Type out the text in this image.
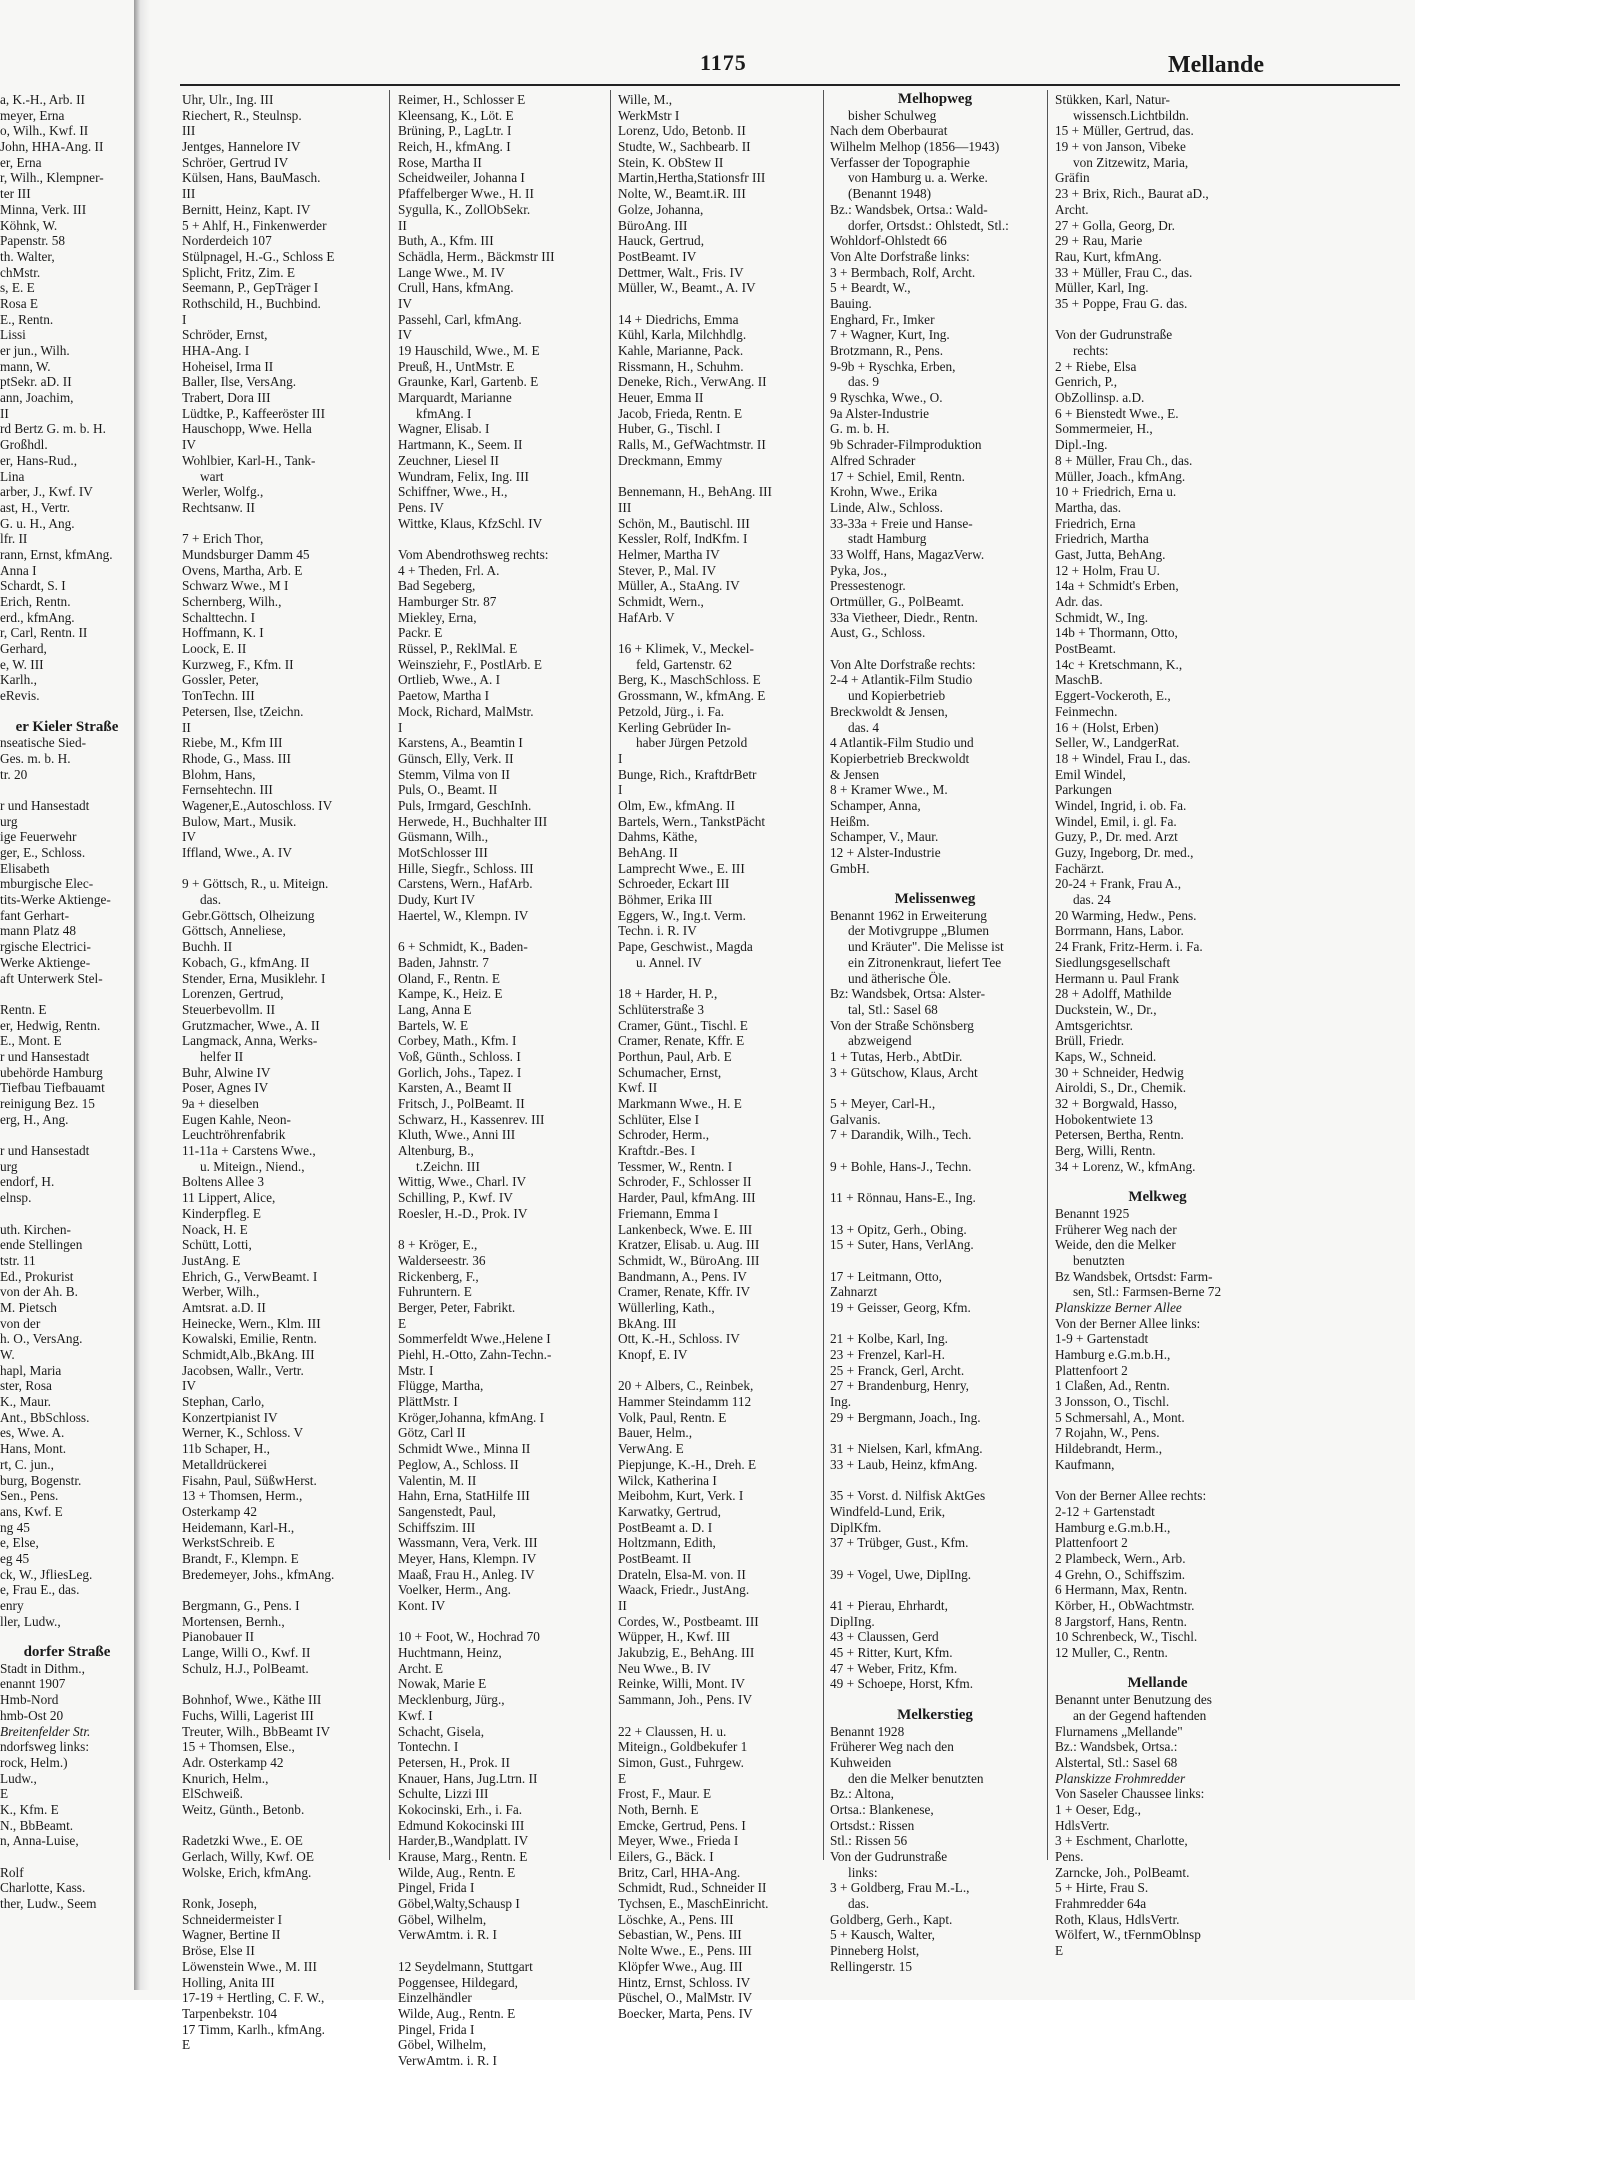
1175	Mellande
a, K.-H., Arb. II
meyer, Erna
o, Wilh., Kwf. II
John, HHA-Ang. II
er, Erna
r, Wilh., Klempner-
ter III
Minna, Verk. III
Köhnk, W.
Papenstr. 58
th. Walter,
chMstr.
s, E. E
Rosa E
E., Rentn.
Lissi
er jun., Wilh.
mann, W.
ptSekr. aD. II
ann, Joachim,
II
rd Bertz G. m. b. H.
Großhdl.
er, Hans-Rud.,
Lina
arber, J., Kwf. IV
ast, H., Vertr.
G. u. H., Ang.
lfr. II
rann, Ernst, kfmAng.
Anna I
Schardt, S. I
Erich, Rentn.
erd., kfmAng.
r, Carl, Rentn. II
Gerhard,
e, W. III
Karlh.,
eRevis.
er Kieler Straße
nseatische Sied-
Ges. m. b. H.
tr. 20
r und Hansestadt
urg
ige Feuerwehr
ger, E., Schloss.
Elisabeth
mburgische Elec-
tits-Werke Aktienge-
fant Gerhart-
mann Platz 48
rgische Electrici-
Werke Aktienge-
aft Unterwerk Stel-
Rentn. E
er, Hedwig, Rentn.
E., Mont. E
r und Hansestadt
ubehörde Hamburg
Tiefbau Tiefbauamt
reinigung Bez. 15
erg, H., Ang.
r und Hansestadt
urg
endorf, H.
elnsp.
uth. Kirchen-
ende Stellingen
tstr. 11
Ed., Prokurist
von der Ah. B.
M. Pietsch
von der
h. O., VersAng.
W.
hapl, Maria
ster, Rosa
K., Maur.
Ant., BbSchloss.
es, Wwe. A.
Hans, Mont.
rt, C. jun.,
burg, Bogenstr.
Sen., Pens.
ans, Kwf. E
ng 45
e, Else,
eg 45
ck, W., JfliesLeg.
e, Frau E., das.
enry
ller, Ludw.,
dorfer Straße
Stadt in Dithm.,
enannt 1907
Hmb-Nord
hmb-Ost 20
Breitenfelder Str.
ndorfsweg links:
rock, Helm.)
Ludw.,
E
K., Kfm. E
N., BbBeamt.
n, Anna-Luise,
Rolf
Charlotte, Kass.
ther, Ludw., Seem
Uhr, Ulr., Ing. III
Riechert, R., Steulnsp.
III
Jentges, Hannelore IV
Schröer, Gertrud IV
Külsen, Hans, BauMasch.
III
Bernitt, Heinz, Kapt. IV
5 + Ahlf, H., Finkenwerder
Norderdeich 107
Stülpnagel, H.-G., Schloss E
Splicht, Fritz, Zim. E
Seemann, P., GepTräger I
Rothschild, H., Buchbind.
I
Schröder, Ernst,
HHA-Ang. I
Hoheisel, Irma II
Baller, Ilse, VersAng.
Trabert, Dora III
Lüdtke, P., Kaffeeröster III
Hauschopp, Wwe. Hella
IV
Wohlbier, Karl-H., Tank-
wart
Werler, Wolfg.,
Rechtsanw. II
7 + Erich Thor,
Mundsburger Damm 45
Ovens, Martha, Arb. E
Schwarz Wwe., M I
Schernberg, Wilh.,
Schalttechn. I
Hoffmann, K. I
Loock, E. II
Kurzweg, F., Kfm. II
Gossler, Peter,
TonTechn. III
Petersen, Ilse, tZeichn.
II
Riebe, M., Kfm III
Rhode, G., Mass. III
Blohm, Hans,
Fernsehtechn. III
Wagener,E.,Autoschloss. IV
Bulow, Mart., Musik.
IV
Iffland, Wwe., A. IV
9 + Göttsch, R., u. Miteign.
das.
Gebr.Göttsch, Olheizung
Göttsch, Anneliese,
Buchh. II
Kobach, G., kfmAng. II
Stender, Erna, Musiklehr. I
Lorenzen, Gertrud,
Steuerbevollm. II
Grutzmacher, Wwe., A. II
Langmack, Anna, Werks-
helfer II
Buhr, Alwine IV
Poser, Agnes IV
9a + dieselben
Eugen Kahle, Neon-
Leuchtröhrenfabrik
11-11a + Carstens Wwe.,
u. Miteign., Niend.,
Boltens Allee 3
11 Lippert, Alice,
Kinderpfleg. E
Noack, H. E
Schütt, Lotti,
JustAng. E
Ehrich, G., VerwBeamt. I
Werber, Wilh.,
Amtsrat. a.D. II
Heinecke, Wern., Klm. III
Kowalski, Emilie, Rentn.
Schmidt,Alb.,BkAng. III
Jacobsen, Wallr., Vertr.
IV
Stephan, Carlo,
Konzertpianist IV
Werner, K., Schloss. V
11b Schaper, H.,
Metalldrückerei
Fisahn, Paul, SüßwHerst.
13 + Thomsen, Herm.,
Osterkamp 42
Heidemann, Karl-H.,
WerkstSchreib. E
Brandt, F., Klempn. E
Bredemeyer, Johs., kfmAng.
Bergmann, G., Pens. I
Mortensen, Bernh.,
Pianobauer II
Lange, Willi O., Kwf. II
Schulz, H.J., PolBeamt.
Bohnhof, Wwe., Käthe III
Fuchs, Willi, Lagerist III
Treuter, Wilh., BbBeamt IV
15 + Thomsen, Else.,
Adr. Osterkamp 42
Knurich, Helm.,
ElSchweiß.
Weitz, Günth., Betonb.
Radetzki Wwe., E. OE
Gerlach, Willy, Kwf. OE
Wolske, Erich, kfmAng.
Ronk, Joseph,
Schneidermeister I
Wagner, Bertine II
Bröse, Else II
Löwenstein Wwe., M. III
Holling, Anita III
17-19 + Hertling, C. F. W.,
Tarpenbekstr. 104
17 Timm, Karlh., kfmAng.
E
Reimer, H., Schlosser E
Kleensang, K., Löt. E
Brüning, P., LagLtr. I
Reich, H., kfmAng. I
Rose, Martha II
Scheidweiler, Johanna I
Pfaffelberger Wwe., H. II
Sygulla, K., ZollObSekr.
II
Buth, A., Kfm. III
Schädla, Herm., Bäckmstr III
Lange Wwe., M. IV
Crull, Hans, kfmAng.
IV
Passehl, Carl, kfmAng.
IV
19 Hauschild, Wwe., M. E
Preuß, H., UntMstr. E
Graunke, Karl, Gartenb. E
Marquardt, Marianne
kfmAng. I
Wagner, Elisab. I
Hartmann, K., Seem. II
Zeuchner, Liesel II
Wundram, Felix, Ing. III
Schiffner, Wwe., H.,
Pens. IV
Wittke, Klaus, KfzSchl. IV
Vom Abendrothsweg rechts:
4 + Theden, Frl. A.
Bad Segeberg,
Hamburger Str. 87
Miekley, Erna,
Packr. E
Rüssel, P., ReklMal. E
Weinsziehr, F., PostlArb. E
Ortlieb, Wwe., A. I
Paetow, Martha I
Mock, Richard, MalMstr.
I
Karstens, A., Beamtin I
Günsch, Elly, Verk. II
Stemm, Vilma von II
Puls, O., Beamt. II
Puls, Irmgard, GeschInh.
Herwede, H., Buchhalter III
Güsmann, Wilh.,
MotSchlosser III
Hille, Siegfr., Schloss. III
Carstens, Wern., HafArb.
Dudy, Kurt IV
Haertel, W., Klempn. IV
6 + Schmidt, K., Baden-
Baden, Jahnstr. 7
Oland, F., Rentn. E
Kampe, K., Heiz. E
Lang, Anna E
Bartels, W. E
Corbey, Math., Kfm. I
Voß, Günth., Schloss. I
Gorlich, Johs., Tapez. I
Karsten, A., Beamt II
Fritsch, J., PolBeamt. II
Schwarz, H., Kassenrev. III
Kluth, Wwe., Anni III
Altenburg, B.,
t.Zeichn. III
Wittig, Wwe., Charl. IV
Schilling, P., Kwf. IV
Roesler, H.-D., Prok. IV
8 + Kröger, E.,
Walderseestr. 36
Rickenberg, F.,
Fuhruntern. E
Berger, Peter, Fabrikt.
E
Sommerfeldt Wwe.,Helene I
Piehl, H.-Otto, Zahn-Techn.-
Mstr. I
Flügge, Martha,
PlättMstr. I
Kröger,Johanna, kfmAng. I
Götz, Carl II
Schmidt Wwe., Minna II
Peglow, A., Schloss. II
Valentin, M. II
Hahn, Erna, StatHilfe III
Sangenstedt, Paul,
Schiffszim. III
Wassmann, Vera, Verk. III
Meyer, Hans, Klempn. IV
Maaß, Frau H., Anleg. IV
Voelker, Herm., Ang.
Kont. IV
10 + Foot, W., Hochrad 70
Huchtmann, Heinz,
Archt. E
Nowak, Marie E
Mecklenburg, Jürg.,
Kwf. I
Schacht, Gisela,
Tontechn. I
Petersen, H., Prok. II
Knauer, Hans, Jug.Ltrn. II
Schulte, Lizzi III
Kokocinski, Erh., i. Fa.
Edmund Kokocinski III
Harder,B.,Wandplatt. IV
Krause, Marg., Rentn. E
Wilde, Aug., Rentn. E
Pingel, Frida I
Göbel,Walty,Schausp I
Göbel, Wilhelm,
VerwAmtm. i. R. I
12 Seydelmann, Stuttgart
Poggensee, Hildegard,
Einzelhändler
Wilde, Aug., Rentn. E
Pingel, Frida I
Göbel, Wilhelm,
VerwAmtm. i. R. I
Wille, M.,
WerkMstr I
Lorenz, Udo, Betonb. II
Studte, W., Sachbearb. II
Stein, K. ObStew II
Martin,Hertha,Stationsfr III
Nolte, W., Beamt.iR. III
Golze, Johanna,
BüroAng. III
Hauck, Gertrud,
PostBeamt. IV
Dettmer, Walt., Fris. IV
Müller, W., Beamt., A. IV
14 + Diedrichs, Emma
Kühl, Karla, Milchhdlg.
Kahle, Marianne, Pack.
Rissmann, H., Schuhm.
Deneke, Rich., VerwAng. II
Heuer, Emma II
Jacob, Frieda, Rentn. E
Huber, G., Tischl. I
Ralls, M., GefWachtmstr. II
Dreckmann, Emmy
Bennemann, H., BehAng. III
III
Schön, M., Bautischl. III
Kessler, Rolf, IndKfm. I
Helmer, Martha IV
Stever, P., Mal. IV
Müller, A., StaAng. IV
Schmidt, Wern.,
HafArb. V
16 + Klimek, V., Meckel-
feld, Gartenstr. 62
Berg, K., MaschSchloss. E
Grossmann, W., kfmAng. E
Petzold, Jürg., i. Fa.
Kerling Gebrüder In-
haber Jürgen Petzold
I
Bunge, Rich., KraftdrBetr
I
Olm, Ew., kfmAng. II
Bartels, Wern., TankstPächt
Dahms, Käthe,
BehAng. II
Lamprecht Wwe., E. III
Schroeder, Eckart III
Böhmer, Erika III
Eggers, W., Ing.t. Verm.
Techn. i. R. IV
Pape, Geschwist., Magda
u. Annel. IV
18 + Harder, H. P.,
Schlüterstraße 3
Cramer, Günt., Tischl. E
Cramer, Renate, Kffr. E
Porthun, Paul, Arb. E
Schumacher, Ernst,
Kwf. II
Markmann Wwe., H. E
Schlüter, Else I
Schroder, Herm.,
Kraftdr.-Bes. I
Tessmer, W., Rentn. I
Schroder, F., Schlosser II
Harder, Paul, kfmAng. III
Friemann, Emma I
Lankenbeck, Wwe. E. III
Kratzer, Elisab. u. Aug. III
Schmidt, W., BüroAng. III
Bandmann, A., Pens. IV
Cramer, Renate, Kffr. IV
Wüllerling, Kath.,
BkAng. III
Ott, K.-H., Schloss. IV
Knopf, E. IV
20 + Albers, C., Reinbek,
Hammer Steindamm 112
Volk, Paul, Rentn. E
Bauer, Helm.,
VerwAng. E
Piepjunge, K.-H., Dreh. E
Wilck, Katherina I
Meibohm, Kurt, Verk. I
Karwatky, Gertrud,
PostBeamt a. D. I
Holtzmann, Edith,
PostBeamt. II
Drateln, Elsa-M. von. II
Waack, Friedr., JustAng.
II
Cordes, W., Postbeamt. III
Wüpper, H., Kwf. III
Jakubzig, E., BehAng. III
Neu Wwe., B. IV
Reinke, Willi, Mont. IV
Sammann, Joh., Pens. IV
22 + Claussen, H. u.
Miteign., Goldbekufer 1
Simon, Gust., Fuhrgew.
E
Frost, F., Maur. E
Noth, Bernh. E
Emcke, Gertrud, Pens. I
Meyer, Wwe., Frieda I
Eilers, G., Bäck. I
Britz, Carl, HHA-Ang.
Schmidt, Rud., Schneider II
Tychsen, E., MaschEinricht.
Löschke, A., Pens. III
Sebastian, W., Pens. III
Nolte Wwe., E., Pens. III
Klöpfer Wwe., Aug. III
Hintz, Ernst, Schloss. IV
Püschel, O., MalMstr. IV
Boecker, Marta, Pens. IV
Melhopweg
bisher Schulweg
Nach dem Oberbaurat
Wilhelm Melhop (1856—1943)
Verfasser der Topographie
von Hamburg u. a. Werke.
(Benannt 1948)
Bz.: Wandsbek, Ortsa.: Wald-
dorfer, Ortsdst.: Ohlstedt, Stl.:
Wohldorf-Ohlstedt 66
Von Alte Dorfstraße links:
3 + Bermbach, Rolf, Archt.
5 + Beardt, W.,
Bauing.
Enghard, Fr., Imker
7 + Wagner, Kurt, Ing.
Brotzmann, R., Pens.
9-9b + Ryschka, Erben,
das. 9
9 Ryschka, Wwe., O.
9a Alster-Industrie
G. m. b. H.
9b Schrader-Filmproduktion
Alfred Schrader
17 + Schiel, Emil, Rentn.
Krohn, Wwe., Erika
Linde, Alw., Schloss.
33-33a + Freie und Hanse-
stadt Hamburg
33 Wolff, Hans, MagazVerw.
Pyka, Jos.,
Pressestenogr.
Ortmüller, G., PolBeamt.
33a Vietheer, Diedr., Rentn.
Aust, G., Schloss.
Von Alte Dorfstraße rechts:
2-4 + Atlantik-Film Studio
und Kopierbetrieb
Breckwoldt & Jensen,
das. 4
4 Atlantik-Film Studio und
Kopierbetrieb Breckwoldt
& Jensen
8 + Kramer Wwe., M.
Schamper, Anna,
Heißm.
Schamper, V., Maur.
12 + Alster-Industrie
GmbH.
Melissenweg
Benannt 1962 in Erweiterung
der Motivgruppe „Blumen
und Kräuter". Die Melisse ist
ein Zitronenkraut, liefert Tee
und ätherische Öle.
Bz: Wandsbek, Ortsa: Alster-
tal, Stl.: Sasel 68
Von der Straße Schönsberg
abzweigend
1 + Tutas, Herb., AbtDir.
3 + Gütschow, Klaus, Archt
5 + Meyer, Carl-H.,
Galvanis.
7 + Darandik, Wilh., Tech.
9 + Bohle, Hans-J., Techn.
11 + Rönnau, Hans-E., Ing.
13 + Opitz, Gerh., Obing.
15 + Suter, Hans, VerlAng.
17 + Leitmann, Otto,
Zahnarzt
19 + Geisser, Georg, Kfm.
21 + Kolbe, Karl, Ing.
23 + Frenzel, Karl-H.
25 + Franck, Gerl, Archt.
27 + Brandenburg, Henry,
Ing.
29 + Bergmann, Joach., Ing.
31 + Nielsen, Karl, kfmAng.
33 + Laub, Heinz, kfmAng.
35 + Vorst. d. Nilfisk AktGes
Windfeld-Lund, Erik,
DiplKfm.
37 + Trübger, Gust., Kfm.
39 + Vogel, Uwe, DiplIng.
41 + Pierau, Ehrhardt,
DiplIng.
43 + Claussen, Gerd
45 + Ritter, Kurt, Kfm.
47 + Weber, Fritz, Kfm.
49 + Schoepe, Horst, Kfm.
Melkerstieg
Benannt 1928
Früherer Weg nach den
Kuhweiden
den die Melker benutzten
Bz.: Altona,
Ortsa.: Blankenese,
Ortsdst.: Rissen
Stl.: Rissen 56
Von der Gudrunstraße
links:
3 + Goldberg, Frau M.-L.,
das.
Goldberg, Gerh., Kapt.
5 + Kausch, Walter,
Pinneberg Holst,
Rellingerstr. 15
Stükken, Karl, Natur-
wissensch.Lichtbildn.
15 + Müller, Gertrud, das.
19 + von Janson, Vibeke
von Zitzewitz, Maria,
Gräfin
23 + Brix, Rich., Baurat aD.,
Archt.
27 + Golla, Georg, Dr.
29 + Rau, Marie
Rau, Kurt, kfmAng.
33 + Müller, Frau C., das.
Müller, Karl, Ing.
35 + Poppe, Frau G. das.
Von der Gudrunstraße
rechts:
2 + Riebe, Elsa
Genrich, P.,
ObZollinsp. a.D.
6 + Bienstedt Wwe., E.
Sommermeier, H.,
Dipl.-Ing.
8 + Müller, Frau Ch., das.
Müller, Joach., kfmAng.
10 + Friedrich, Erna u.
Martha, das.
Friedrich, Erna
Friedrich, Martha
Gast, Jutta, BehAng.
12 + Holm, Frau U.
14a + Schmidt's Erben,
Adr. das.
Schmidt, W., Ing.
14b + Thormann, Otto,
PostBeamt.
14c + Kretschmann, K.,
MaschB.
Eggert-Vockeroth, E.,
Feinmechn.
16 + (Holst, Erben)
Seller, W., LandgerRat.
18 + Windel, Frau I., das.
Emil Windel,
Parkungen
Windel, Ingrid, i. ob. Fa.
Windel, Emil, i. gl. Fa.
Guzy, P., Dr. med. Arzt
Guzy, Ingeborg, Dr. med.,
Fachärzt.
20-24 + Frank, Frau A.,
das. 24
20 Warming, Hedw., Pens.
Borrmann, Hans, Labor.
24 Frank, Fritz-Herm. i. Fa.
Siedlungsgesellschaft
Hermann u. Paul Frank
28 + Adolff, Mathilde
Duckstein, W., Dr.,
Amtsgerichtsr.
Brüll, Friedr.
Kaps, W., Schneid.
30 + Schneider, Hedwig
Airoldi, S., Dr., Chemik.
32 + Borgwald, Hasso,
Hobokentwiete 13
Petersen, Bertha, Rentn.
Berg, Willi, Rentn.
34 + Lorenz, W., kfmAng.
Melkweg
Benannt 1925
Früherer Weg nach der
Weide, den die Melker
benutzten
Bz Wandsbek, Ortsdst: Farm-
sen, Stl.: Farmsen-Berne 72
Planskizze Berner Allee
Von der Berner Allee links:
1-9 + Gartenstadt
Hamburg e.G.m.b.H.,
Plattenfoort 2
1 Claßen, Ad., Rentn.
3 Jonsson, O., Tischl.
5 Schmersahl, A., Mont.
7 Rojahn, W., Pens.
Hildebrandt, Herm.,
Kaufmann,
Von der Berner Allee rechts:
2-12 + Gartenstadt
Hamburg e.G.m.b.H.,
Plattenfoort 2
2 Plambeck, Wern., Arb.
4 Grehn, O., Schiffszim.
6 Hermann, Max, Rentn.
Körber, H., ObWachtmstr.
8 Jargstorf, Hans, Rentn.
10 Schrenbeck, W., Tischl.
12 Muller, C., Rentn.
Mellande
Benannt unter Benutzung des
an der Gegend haftenden
Flurnamens „Mellande"
Bz.: Wandsbek, Ortsa.:
Alstertal, Stl.: Sasel 68
Planskizze Frohmredder
Von Saseler Chaussee links:
1 + Oeser, Edg.,
HdlsVertr.
3 + Eschment, Charlotte,
Pens.
Zarncke, Joh., PolBeamt.
5 + Hirte, Frau S.
Frahmredder 64a
Roth, Klaus, HdlsVertr.
Wölfert, W., tFernmOblnsp
E
